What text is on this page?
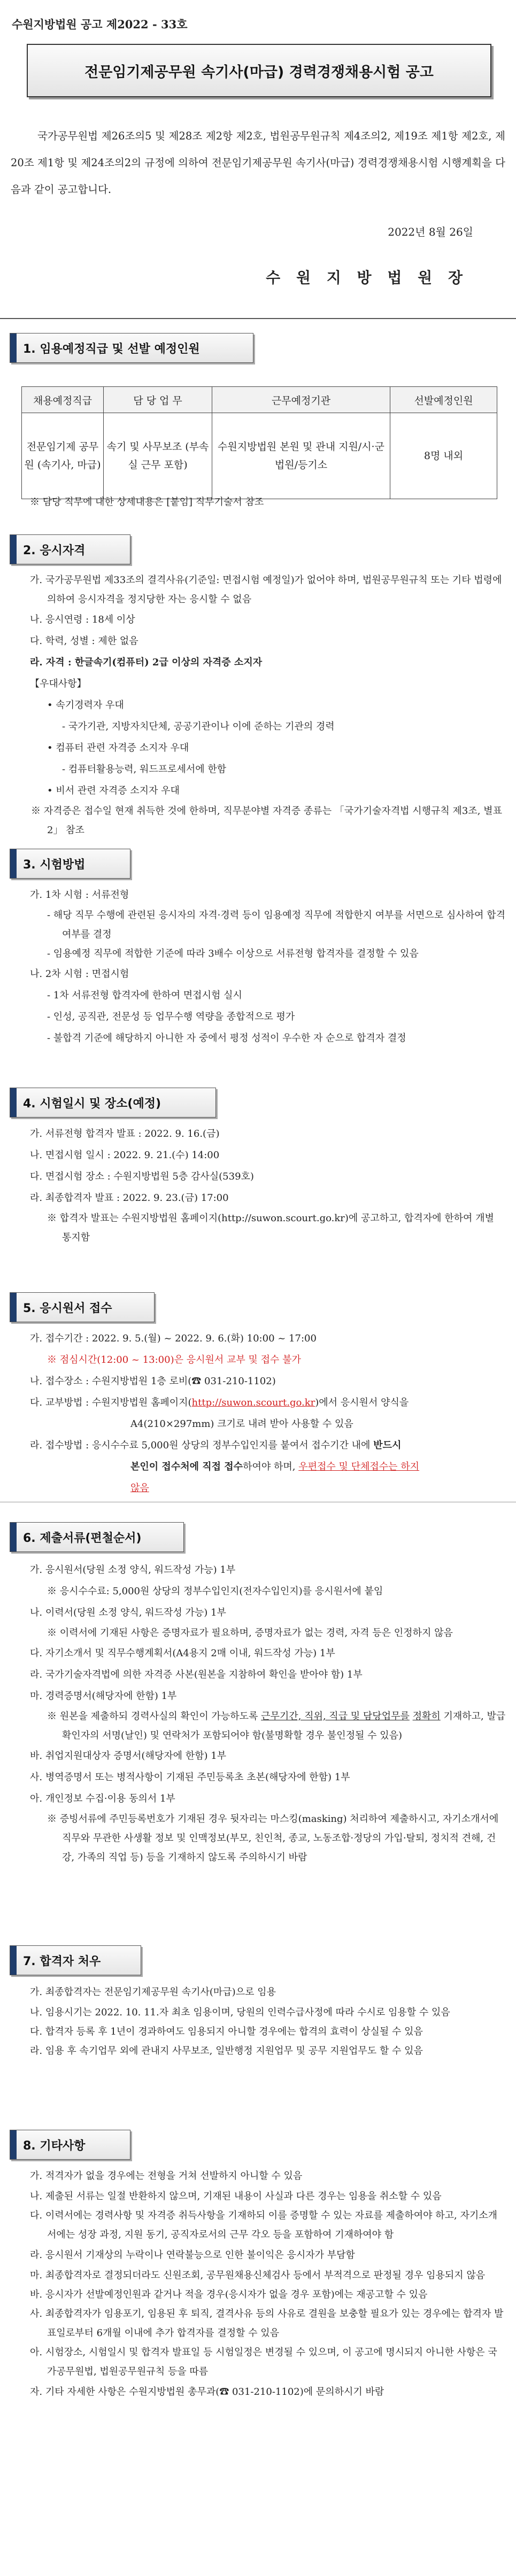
수원지방법원 공고 제2022 - 33호
전문임기제공무원 속기사(마급) 경력경쟁채용시험 공고
국가공무원법 제26조의5 및 제28조 제2항 제2호, 법원공무원규칙 제4조의2, 제19조 제1항 제2호, 제20조 제1항 및 제24조의2의 규정에 의하여 전문임기제공무원 속기사(마급) 경력경쟁채용시험 시행계획을 다음과 같이 공고합니다.
2022년 8월 26일
수 원 지 방 법 원 장
1. 임용예정직급 및 선발 예정인원
채용예정직급	담 당 업 무	근무예정기관	선발예정인원
전문임기제 공무원 (속기사, 마급)	속기 및 사무보조 (부속실 근무 포함)	수원지방법원 본원 및 관내 지원/시·군법원/등기소	8명 내외
※ 담당 직무에 대한 상세내용은 [붙임] 직무기술서 참조
2. 응시자격
가. 국가공무원법 제33조의 결격사유(기준일: 면접시험 예정일)가 없어야 하며, 법원공무원규칙 또는 기타 법령에 의하여 응시자격을 정지당한 자는 응시할 수 없음
나. 응시연령 : 18세 이상
다. 학력, 성별 : 제한 없음
라. 자격 : 한글속기(컴퓨터) 2급 이상의 자격증 소지자
【우대사항】
• 속기경력자 우대
- 국가기관, 지방자치단체, 공공기관이나 이에 준하는 기관의 경력
• 컴퓨터 관련 자격증 소지자 우대
- 컴퓨터활용능력, 워드프로세서에 한함
• 비서 관련 자격증 소지자 우대
※ 자격증은 접수일 현재 취득한 것에 한하며, 직무분야별 자격증 종류는 「국가기술자격법 시행규칙 제3조, 별표 2」 참조
3. 시험방법
가. 1차 시험 : 서류전형
- 해당 직무 수행에 관련된 응시자의 자격·경력 등이 임용예정 직무에 적합한지 여부를 서면으로 심사하여 합격 여부를 결정
- 임용예정 직무에 적합한 기준에 따라 3배수 이상으로 서류전형 합격자를 결정할 수 있음
나. 2차 시험 : 면접시험
- 1차 서류전형 합격자에 한하여 면접시험 실시
- 인성, 공직관, 전문성 등 업무수행 역량을 종합적으로 평가
- 불합격 기준에 해당하지 아니한 자 중에서 평정 성적이 우수한 자 순으로 합격자 결정
4. 시험일시 및 장소(예정)
가. 서류전형 합격자 발표 : 2022. 9. 16.(금)
나. 면접시험 일시 : 2022. 9. 21.(수) 14:00
다. 면접시험 장소 : 수원지방법원 5층 감사실(539호)
라. 최종합격자 발표 : 2022. 9. 23.(금) 17:00
※ 합격자 발표는 수원지방법원 홈페이지(http://suwon.scourt.go.kr)에 공고하고, 합격자에 한하여 개별 통지함
5. 응시원서 접수
가. 접수기간 : 2022. 9. 5.(월) ~ 2022. 9. 6.(화) 10:00 ~ 17:00
※ 점심시간(12:00 ~ 13:00)은 응시원서 교부 및 접수 불가
나. 접수장소 : 수원지방법원 1층 로비(☎ 031-210-1102)
다. 교부방법 : 수원지방법원 홈페이지(http://suwon.scourt.go.kr)에서 응시원서 양식을
A4(210×297mm) 크기로 내려 받아 사용할 수 있음
라. 접수방법 : 응시수수료 5,000원 상당의 정부수입인지를 붙여서 접수기간 내에 반드시
본인이 접수처에 직접 접수하여야 하며, 우편접수 및 단체접수는 하지
않음
6. 제출서류(편철순서)
가. 응시원서(당원 소정 양식, 워드작성 가능) 1부
※ 응시수수료: 5,000원 상당의 정부수입인지(전자수입인지)를 응시원서에 붙임
나. 이력서(당원 소정 양식, 워드작성 가능) 1부
※ 이력서에 기재된 사항은 증명자료가 필요하며, 증명자료가 없는 경력, 자격 등은 인정하지 않음
다. 자기소개서 및 직무수행계획서(A4용지 2매 이내, 워드작성 가능) 1부
라. 국가기술자격법에 의한 자격증 사본(원본을 지참하여 확인을 받아야 함) 1부
마. 경력증명서(해당자에 한함) 1부
※ 원본을 제출하되 경력사실의 확인이 가능하도록 근무기간, 직위, 직급 및 담당업무를 정확히 기재하고, 발급확인자의 서명(날인) 및 연락처가 포함되어야 함(불명확할 경우 불인정될 수 있음)
바. 취업지원대상자 증명서(해당자에 한함) 1부
사. 병역증명서 또는 병적사항이 기재된 주민등록초 초본(해당자에 한함) 1부
아. 개인정보 수집·이용 동의서 1부
※ 증빙서류에 주민등록번호가 기재된 경우 뒷자리는 마스킹(masking) 처리하여 제출하시고, 자기소개서에 직무와 무관한 사생활 정보 및 인맥정보(부모, 친인척, 종교, 노동조합·정당의 가입·탈퇴, 정치적 견해, 건강, 가족의 직업 등) 등을 기재하지 않도록 주의하시기 바람
7. 합격자 처우
가. 최종합격자는 전문임기제공무원 속기사(마급)으로 임용
나. 임용시기는 2022. 10. 11.자 최초 임용이며, 당원의 인력수급사정에 따라 수시로 임용할 수 있음
다. 합격자 등록 후 1년이 경과하여도 임용되지 아니할 경우에는 합격의 효력이 상실될 수 있음
라. 임용 후 속기업무 외에 관내지 사무보조, 일반행정 지원업무 및 공무 지원업무도 할 수 있음
8. 기타사항
가. 적격자가 없을 경우에는 전형을 거쳐 선발하지 아니할 수 있음
나. 제출된 서류는 일절 반환하지 않으며, 기재된 내용이 사실과 다른 경우는 임용을 취소할 수 있음
다. 이력서에는 경력사항 및 자격증 취득사항을 기재하되 이를 증명할 수 있는 자료를 제출하여야 하고, 자기소개서에는 성장 과정, 지원 동기, 공직자로서의 근무 각오 등을 포함하여 기재하여야 함
라. 응시원서 기재상의 누락이나 연락불능으로 인한 불이익은 응시자가 부담함
마. 최종합격자로 결정되더라도 신원조회, 공무원채용신체검사 등에서 부적격으로 판정될 경우 임용되지 않음
바. 응시자가 선발예정인원과 같거나 적을 경우(응시자가 없을 경우 포함)에는 재공고할 수 있음
사. 최종합격자가 임용포기, 임용된 후 퇴직, 결격사유 등의 사유로 결원을 보충할 필요가 있는 경우에는 합격자 발표일로부터 6개월 이내에 추가 합격자를 결정할 수 있음
아. 시험장소, 시험일시 및 합격자 발표일 등 시험일정은 변경될 수 있으며, 이 공고에 명시되지 아니한 사항은 국가공무원법, 법원공무원규칙 등을 따름
자. 기타 자세한 사항은 수원지방법원 총무과(☎ 031-210-1102)에 문의하시기 바람
